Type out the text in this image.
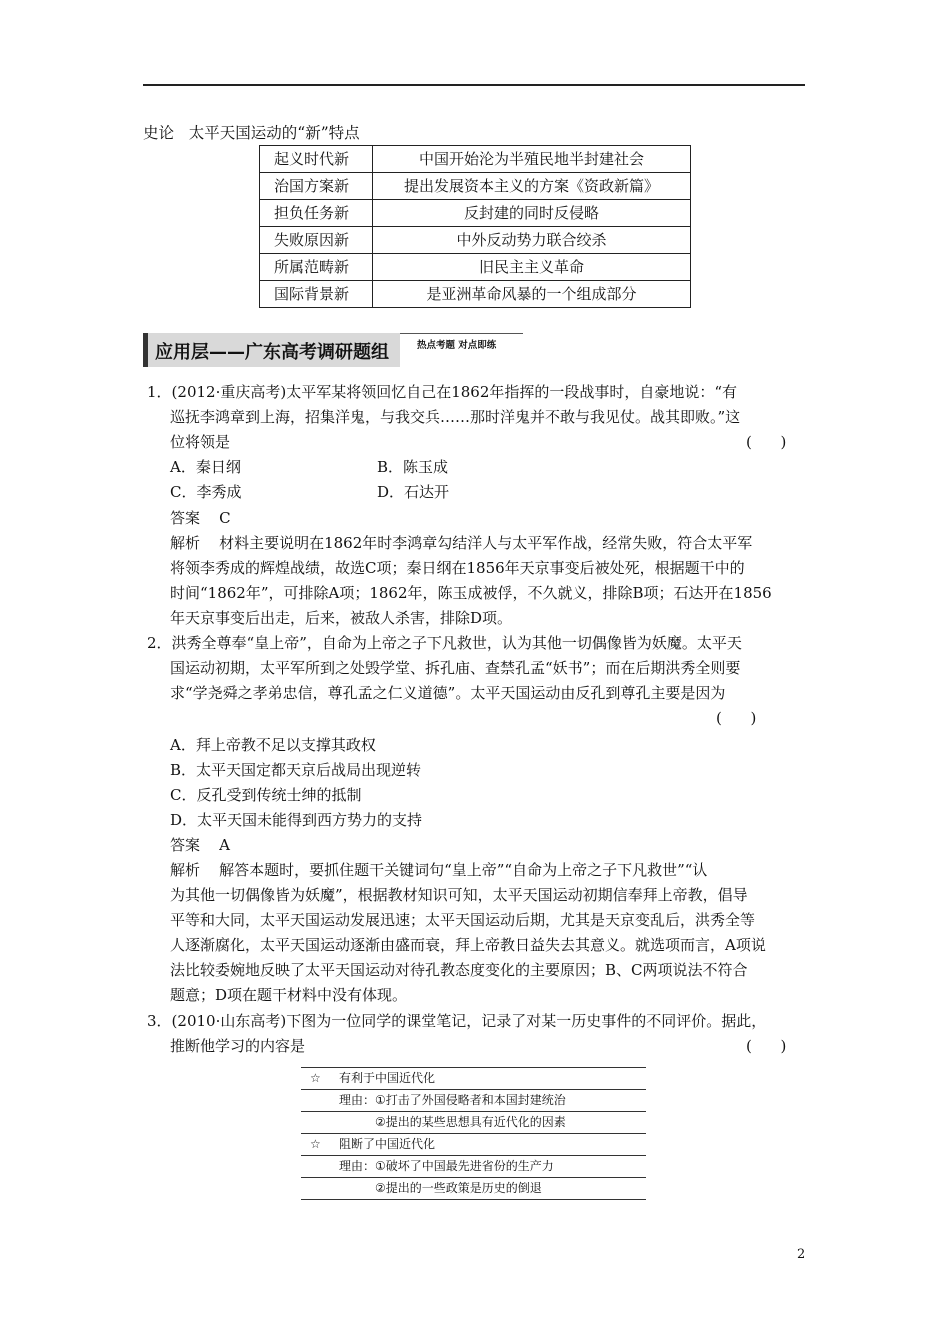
史论 太平天国运动的“新”特点
起义时代新	中国开始沦为半殖民地半封建社会
治国方案新	提出发展资本主义的方案《资政新篇》
担负任务新	反封建的同时反侵略
失败原因新	中外反动势力联合绞杀
所属范畴新	旧民主主义革命
国际背景新	是亚洲革命风暴的一个组成部分
应用层——广东高考调研题组	热点考题 对点即练
1．(2012·重庆高考)太平军某将领回忆自己在1862年指挥的一段战事时，自豪地说：“有
巡抚李鸿章到上海，招集洋鬼，与我交兵……那时洋鬼并不敢与我见仗。战其即败。”这
位将领是	(      )
A．秦日纲	B．陈玉成
C．李秀成	D．石达开
答案    C
解析    材料主要说明在1862年时李鸿章勾结洋人与太平军作战，经常失败，符合太平军
将领李秀成的辉煌战绩，故选C项；秦日纲在1856年天京事变后被处死，根据题干中的
时间“1862年”，可排除A项；1862年，陈玉成被俘，不久就义，排除B项；石达开在1856
年天京事变后出走，后来，被敌人杀害，排除D项。
2．洪秀全尊奉“皇上帝”，自命为上帝之子下凡救世，认为其他一切偶像皆为妖魔。太平天
国运动初期，太平军所到之处毁学堂、拆孔庙、查禁孔孟“妖书”；而在后期洪秀全则要
求“学尧舜之孝弟忠信，尊孔孟之仁义道德”。太平天国运动由反孔到尊孔主要是因为
(      )
A．拜上帝教不足以支撑其政权
B．太平天国定都天京后战局出现逆转
C．反孔受到传统士绅的抵制
D．太平天国未能得到西方势力的支持
答案    A
解析    解答本题时，要抓住题干关键词句“皇上帝”“自命为上帝之子下凡救世”“认
为其他一切偶像皆为妖魔”，根据教材知识可知，太平天国运动初期信奉拜上帝教，倡导
平等和大同，太平天国运动发展迅速；太平天国运动后期，尤其是天京变乱后，洪秀全等
人逐渐腐化，太平天国运动逐渐由盛而衰，拜上帝教日益失去其意义。就选项而言，A项说
法比较委婉地反映了太平天国运动对待孔教态度变化的主要原因；B、C两项说法不符合
题意；D项在题干材料中没有体现。
3．(2010·山东高考)下图为一位同学的课堂笔记，记录了对某一历史事件的不同评价。据此，
推断他学习的内容是	(      )
☆ 有利于中国近代化
理由：①打击了外国侵略者和本国封建统治
②提出的某些思想具有近代化的因素
☆ 阻断了中国近代化
理由：①破坏了中国最先进省份的生产力
②提出的一些政策是历史的倒退
2
